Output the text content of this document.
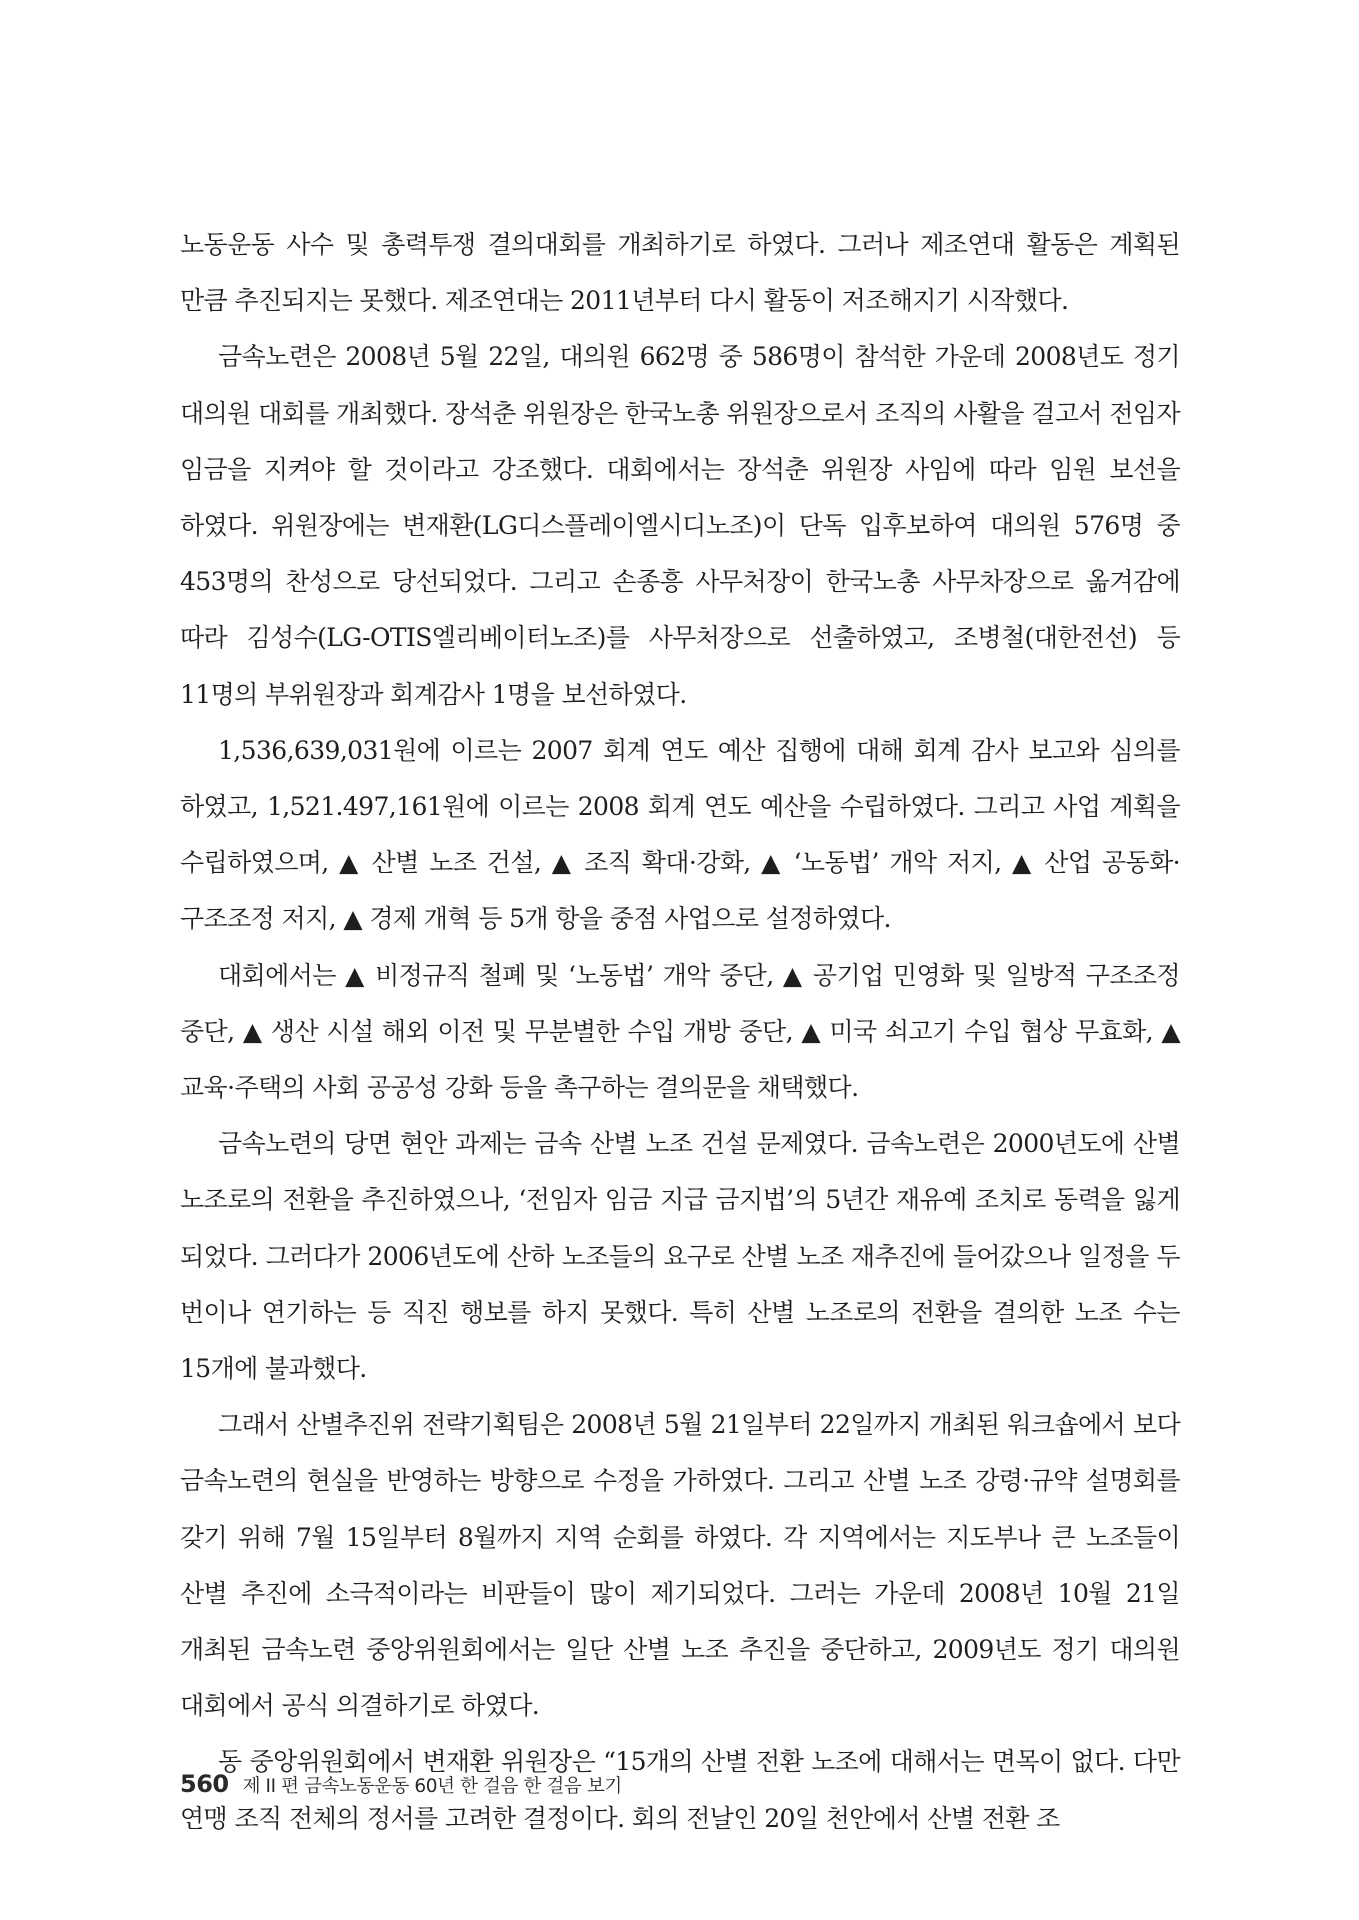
노동운동 사수 및 총력투쟁 결의대회를 개최하기로 하였다. 그러나 제조연대 활동은 계획된 만큼 추진되지는 못했다. 제조연대는 2011년부터 다시 활동이 저조해지기 시작했다.

금속노련은 2008년 5월 22일, 대의원 662명 중 586명이 참석한 가운데 2008년도 정기 대의원 대회를 개최했다. 장석춘 위원장은 한국노총 위원장으로서 조직의 사활을 걸고서 전임자 임금을 지켜야 할 것이라고 강조했다. 대회에서는 장석춘 위원장 사임에 따라 임원 보선을 하였다. 위원장에는 변재환(LG디스플레이엘시디노조)이 단독 입후보하여 대의원 576명 중 453명의 찬성으로 당선되었다. 그리고 손종흥 사무처장이 한국노총 사무차장으로 옮겨감에 따라 김성수(LG-OTIS엘리베이터노조)를 사무처장으로 선출하였고, 조병철(대한전선) 등 11명의 부위원장과 회계감사 1명을 보선하였다.

1,536,639,031원에 이르는 2007 회계 연도 예산 집행에 대해 회계 감사 보고와 심의를 하였고, 1,521.497,161원에 이르는 2008 회계 연도 예산을 수립하였다. 그리고 사업 계획을 수립하였으며, ▲ 산별 노조 건설, ▲ 조직 확대·강화, ▲ ‘노동법’ 개악 저지, ▲ 산업 공동화·구조조정 저지, ▲ 경제 개혁 등 5개 항을 중점 사업으로 설정하였다.

대회에서는 ▲ 비정규직 철폐 및 ‘노동법’ 개악 중단, ▲ 공기업 민영화 및 일방적 구조조정 중단, ▲ 생산 시설 해외 이전 및 무분별한 수입 개방 중단, ▲ 미국 쇠고기 수입 협상 무효화, ▲ 교육·주택의 사회 공공성 강화 등을 촉구하는 결의문을 채택했다.

금속노련의 당면 현안 과제는 금속 산별 노조 건설 문제였다. 금속노련은 2000년도에 산별 노조로의 전환을 추진하였으나, ‘전임자 임금 지급 금지법’의 5년간 재유예 조치로 동력을 잃게 되었다. 그러다가 2006년도에 산하 노조들의 요구로 산별 노조 재추진에 들어갔으나 일정을 두 번이나 연기하는 등 직진 행보를 하지 못했다. 특히 산별 노조로의 전환을 결의한 노조 수는 15개에 불과했다.

그래서 산별추진위 전략기획팀은 2008년 5월 21일부터 22일까지 개최된 워크숍에서 보다 금속노련의 현실을 반영하는 방향으로 수정을 가하였다. 그리고 산별 노조 강령·규약 설명회를 갖기 위해 7월 15일부터 8월까지 지역 순회를 하였다. 각 지역에서는 지도부나 큰 노조들이 산별 추진에 소극적이라는 비판들이 많이 제기되었다. 그러는 가운데 2008년 10월 21일 개최된 금속노련 중앙위원회에서는 일단 산별 노조 추진을 중단하고, 2009년도 정기 대의원 대회에서 공식 의결하기로 하였다.

동 중앙위원회에서 변재환 위원장은 “15개의 산별 전환 노조에 대해서는 면목이 없다. 다만 연맹 조직 전체의 정서를 고려한 결정이다. 회의 전날인 20일 천안에서 산별 전환 조

560 제 II 편 금속노동운동 60년 한 걸음 한 걸음 보기
